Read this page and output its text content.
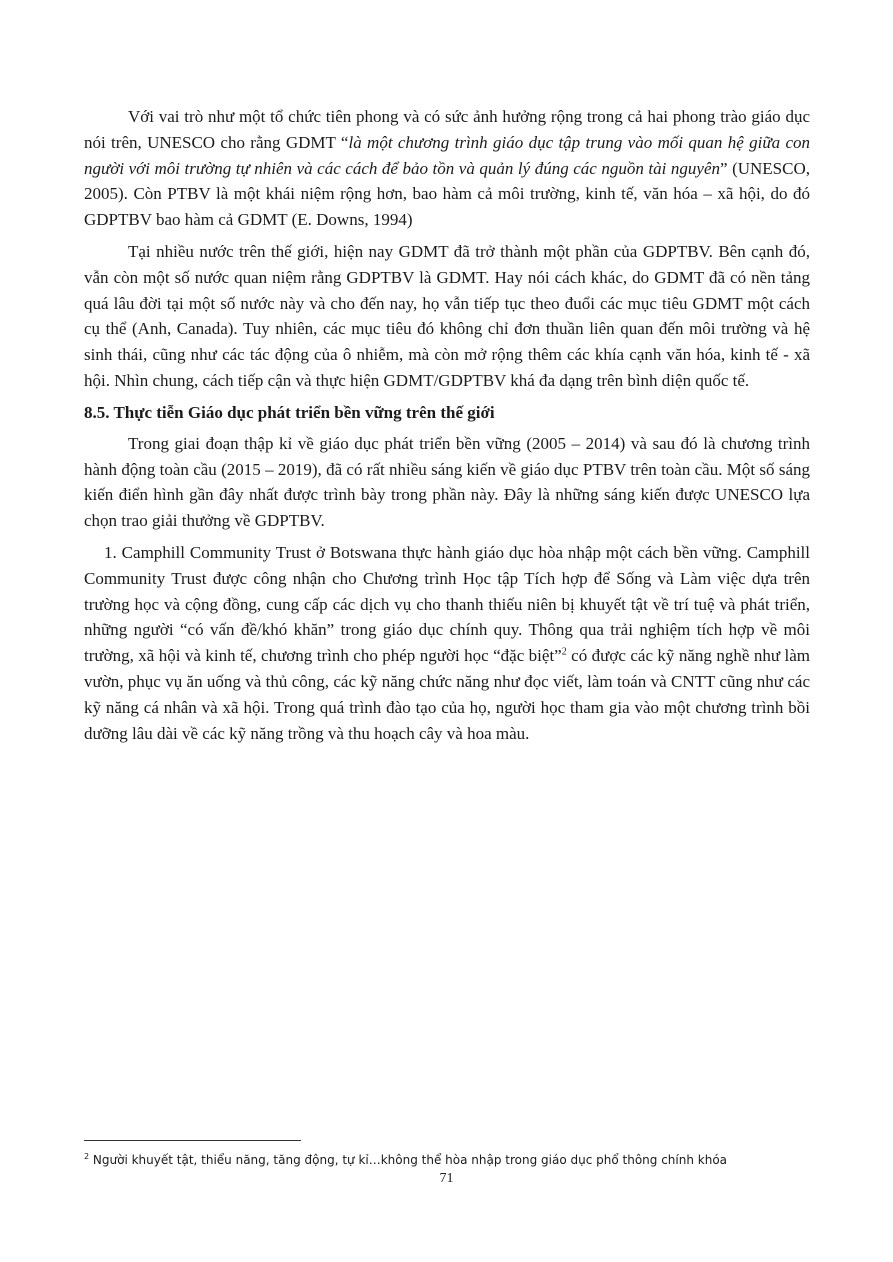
Với vai trò như một tổ chức tiên phong và có sức ảnh hưởng rộng trong cả hai phong trào giáo dục nói trên, UNESCO cho rằng GDMT “là một chương trình giáo dục tập trung vào mối quan hệ giữa con người với môi trường tự nhiên và các cách để bảo tồn và quản lý đúng các nguồn tài nguyên” (UNESCO, 2005). Còn PTBV là một khái niệm rộng hơn, bao hàm cả môi trường, kinh tế, văn hóa – xã hội, do đó GDPTBV bao hàm cả GDMT (E. Downs, 1994)

Tại nhiều nước trên thế giới, hiện nay GDMT đã trở thành một phần của GDPTBV. Bên cạnh đó, vẫn còn một số nước quan niệm rằng GDPTBV là GDMT. Hay nói cách khác, do GDMT đã có nền tảng quá lâu đời tại một số nước này và cho đến nay, họ vẫn tiếp tục theo đuổi các mục tiêu GDMT một cách cụ thể (Anh, Canada). Tuy nhiên, các mục tiêu đó không chỉ đơn thuần liên quan đến môi trường và hệ sinh thái, cũng như các tác động của ô nhiễm, mà còn mở rộng thêm các khía cạnh văn hóa, kinh tế - xã hội. Nhìn chung, cách tiếp cận và thực hiện GDMT/GDPTBV khá đa dạng trên bình diện quốc tế.

8.5. Thực tiễn Giáo dục phát triển bền vững trên thế giới

Trong giai đoạn thập kỉ về giáo dục phát triển bền vững (2005 – 2014) và sau đó là chương trình hành động toàn cầu (2015 – 2019), đã có rất nhiều sáng kiến về giáo dục PTBV trên toàn cầu. Một số sáng kiến điển hình gần đây nhất được trình bày trong phần này. Đây là những sáng kiến được UNESCO lựa chọn trao giải thưởng về GDPTBV.

1. Camphill Community Trust ở Botswana thực hành giáo dục hòa nhập một cách bền vững. Camphill Community Trust được công nhận cho Chương trình Học tập Tích hợp để Sống và Làm việc dựa trên trường học và cộng đồng, cung cấp các dịch vụ cho thanh thiếu niên bị khuyết tật về trí tuệ và phát triển, những người “có vấn đề/khó khăn” trong giáo dục chính quy. Thông qua trải nghiệm tích hợp về môi trường, xã hội và kinh tế, chương trình cho phép người học “đặc biệt”$^2$ có được các kỹ năng nghề như làm vườn, phục vụ ăn uống và thủ công, các kỹ năng chức năng như đọc viết, làm toán và CNTT cũng như các kỹ năng cá nhân và xã hội. Trong quá trình đào tạo của họ, người học tham gia vào một chương trình bồi dưỡng lâu dài về các kỹ năng trồng và thu hoạch cây và hoa màu.

$^2$ Người khuyết tật, thiểu năng, tăng động, tự kỉ…không thể hòa nhập trong giáo dục phổ thông chính khóa
71
